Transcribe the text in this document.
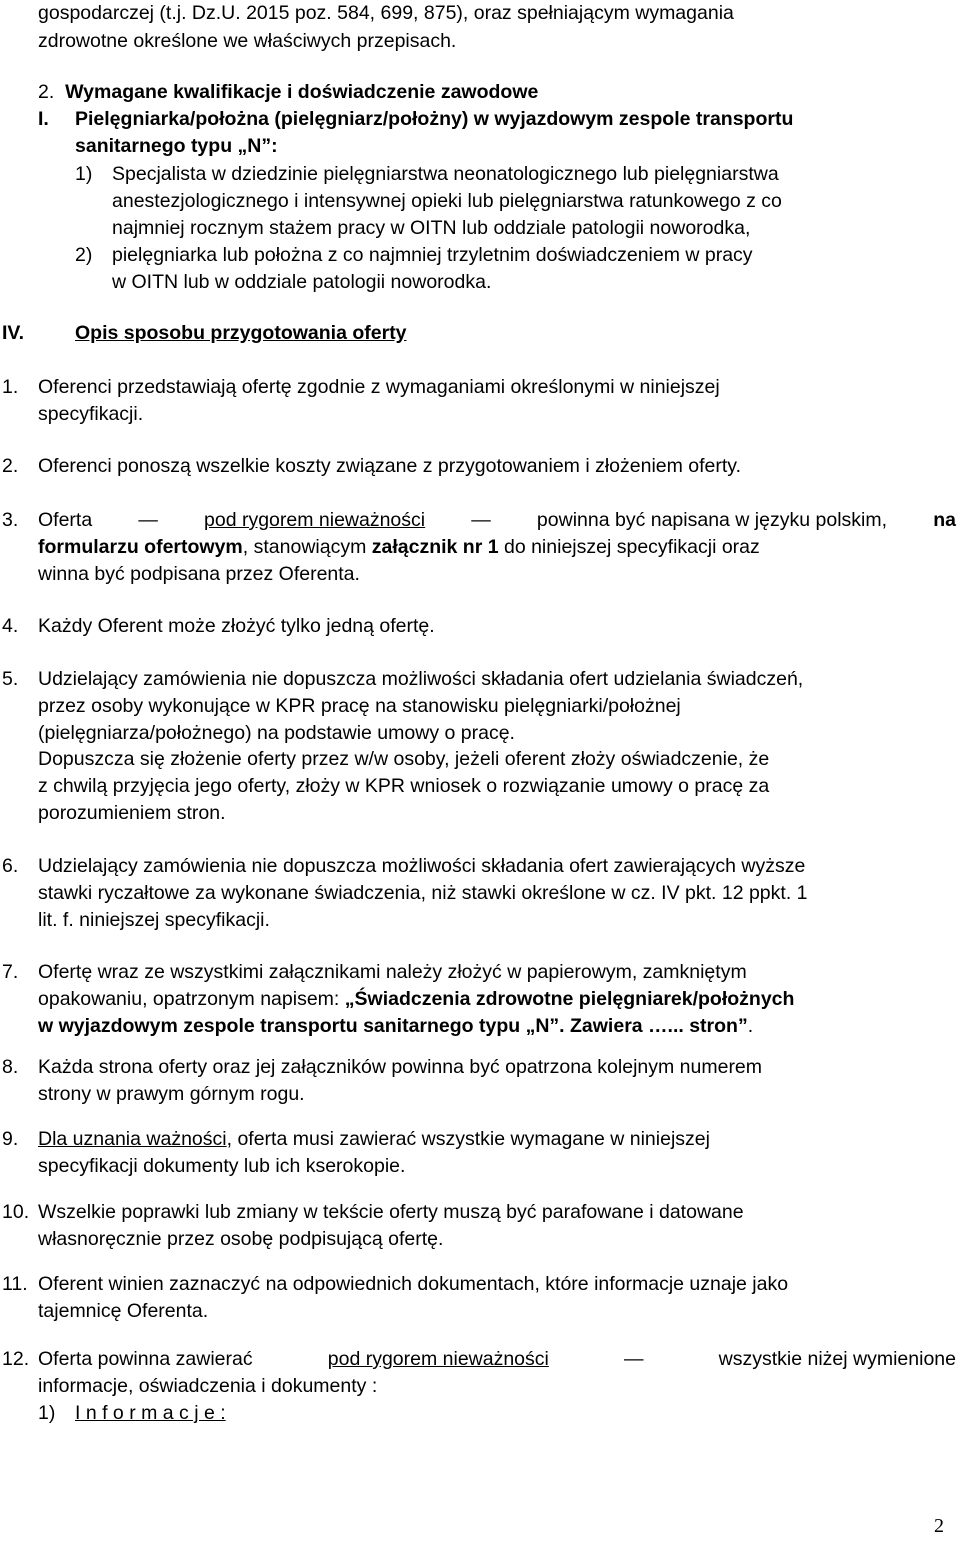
gospodarczej (t.j. Dz.U. 2015 poz. 584, 699, 875), oraz spełniającym wymagania
zdrowotne określone we właściwych przepisach.
2. Wymagane kwalifikacje i doświadczenie zawodowe
I. Pielęgniarka/położna (pielęgniarz/położny) w wyjazdowym zespole transportu
sanitarnego typu „N”:
1) Specjalista w dziedzinie pielęgniarstwa neonatologicznego lub pielęgniarstwa
anestezjologicznego i intensywnej opieki lub pielęgniarstwa ratunkowego z co
najmniej rocznym stażem pracy w OITN lub oddziale patologii noworodka,
2) pielęgniarka lub położna z co najmniej trzyletnim doświadczeniem w pracy
w OITN lub w oddziale patologii noworodka.
IV.	Opis sposobu przygotowania oferty
1. Oferenci przedstawiają ofertę zgodnie z wymaganiami określonymi w niniejszej
specyfikacji.
2. Oferenci ponoszą wszelkie koszty związane z przygotowaniem i złożeniem oferty.
3. Oferta — pod rygorem nieważności — powinna być napisana w języku polskim, na
formularzu ofertowym, stanowiącym załącznik nr 1 do niniejszej specyfikacji oraz
winna być podpisana przez Oferenta.
4. Każdy Oferent może złożyć tylko jedną ofertę.
5. Udzielający zamówienia nie dopuszcza możliwości składania ofert udzielania świadczeń,
przez osoby wykonujące w KPR pracę na stanowisku pielęgniarki/położnej
(pielęgniarza/położnego) na podstawie umowy o pracę.
Dopuszcza się złożenie oferty przez w/w osoby, jeżeli oferent złoży oświadczenie, że
z chwilą przyjęcia jego oferty, złoży w KPR wniosek o rozwiązanie umowy o pracę za
porozumieniem stron.
6. Udzielający zamówienia nie dopuszcza możliwości składania ofert zawierających wyższe
stawki ryczałtowe za wykonane świadczenia, niż stawki określone w cz. IV pkt. 12 ppkt. 1
lit. f. niniejszej specyfikacji.
7. Ofertę wraz ze wszystkimi załącznikami należy złożyć w papierowym, zamkniętym
opakowaniu, opatrzonym napisem: „Świadczenia zdrowotne pielęgniarek/położnych
w wyjazdowym zespole transportu sanitarnego typu „N”. Zawiera …... stron”.
8. Każda strona oferty oraz jej załączników powinna być opatrzona kolejnym numerem
strony w prawym górnym rogu.
9. Dla uznania ważności, oferta musi zawierać wszystkie wymagane w niniejszej
specyfikacji dokumenty lub ich kserokopie.
10. Wszelkie poprawki lub zmiany w tekście oferty muszą być parafowane i datowane
własnoręcznie przez osobę podpisującą ofertę.
11. Oferent winien zaznaczyć na odpowiednich dokumentach, które informacje uznaje jako
tajemnicę Oferenta.
12. Oferta powinna zawierać	pod rygorem nieważności	—	wszystkie niżej wymienione
informacje, oświadczenia i dokumenty :
1) I n f o r m a c j e :
2
